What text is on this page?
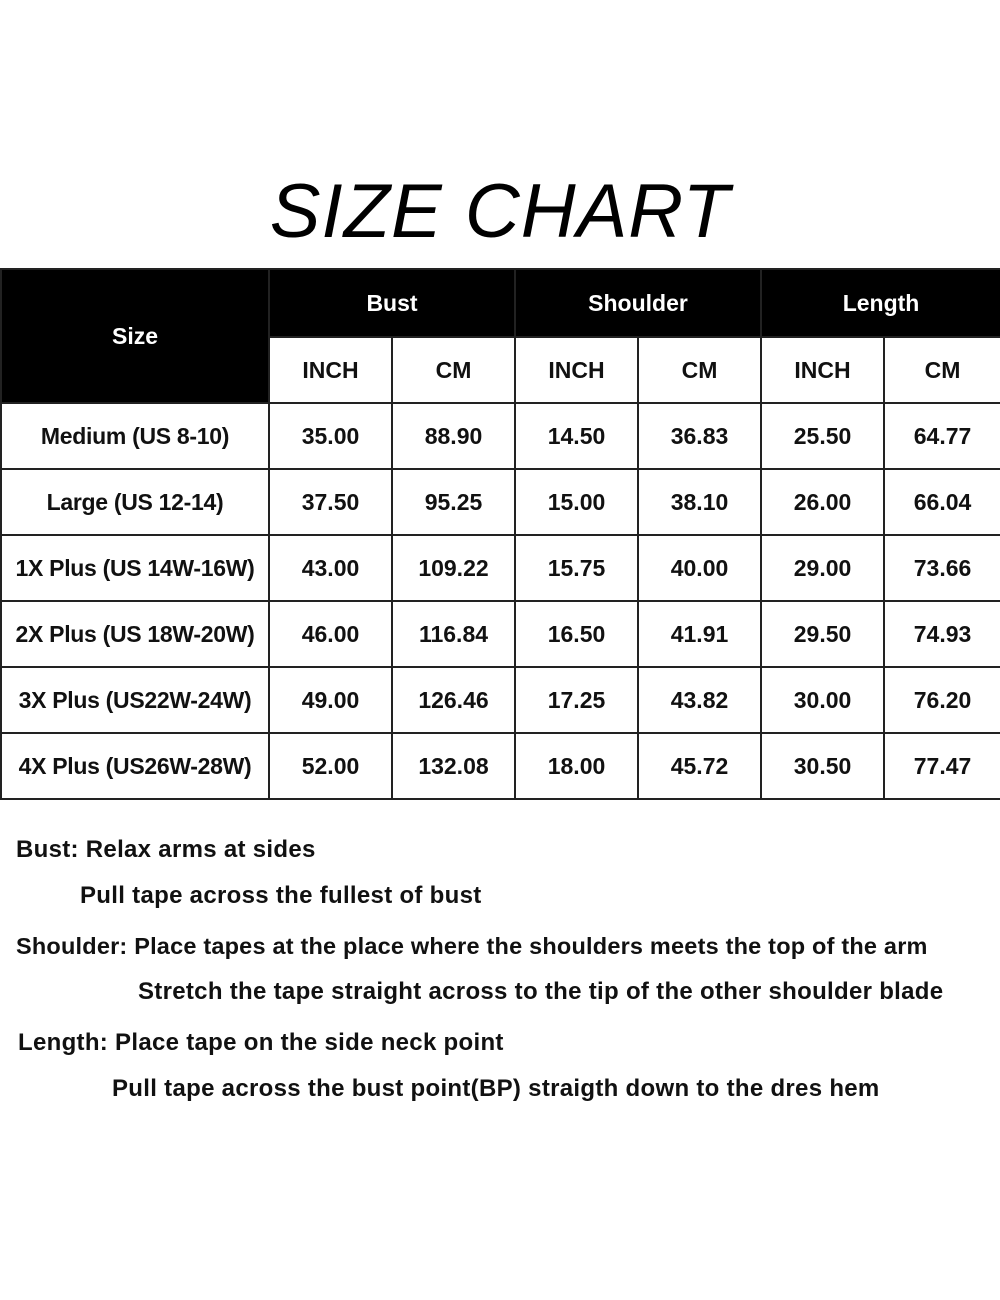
SIZE CHART
Size	Bust		Shoulder		Length	
	INCH	CM	INCH	CM	INCH	CM
Medium (US 8-10)	35.00	88.90	14.50	36.83	25.50	64.77
Large (US 12-14)	37.50	95.25	15.00	38.10	26.00	66.04
1X Plus (US 14W-16W)	43.00	109.22	15.75	40.00	29.00	73.66
2X Plus (US 18W-20W)	46.00	116.84	16.50	41.91	29.50	74.93
3X Plus (US22W-24W)	49.00	126.46	17.25	43.82	30.00	76.20
4X Plus (US26W-28W)	52.00	132.08	18.00	45.72	30.50	77.47
Bust: Relax arms at sides
Pull tape across the fullest of bust
Shoulder: Place tapes at the place where the shoulders meets the top of the arm
Stretch the tape straight across to the tip of the other shoulder blade
Length: Place tape on the side neck point
Pull tape across the bust point(BP) straigth down to the dres hem
